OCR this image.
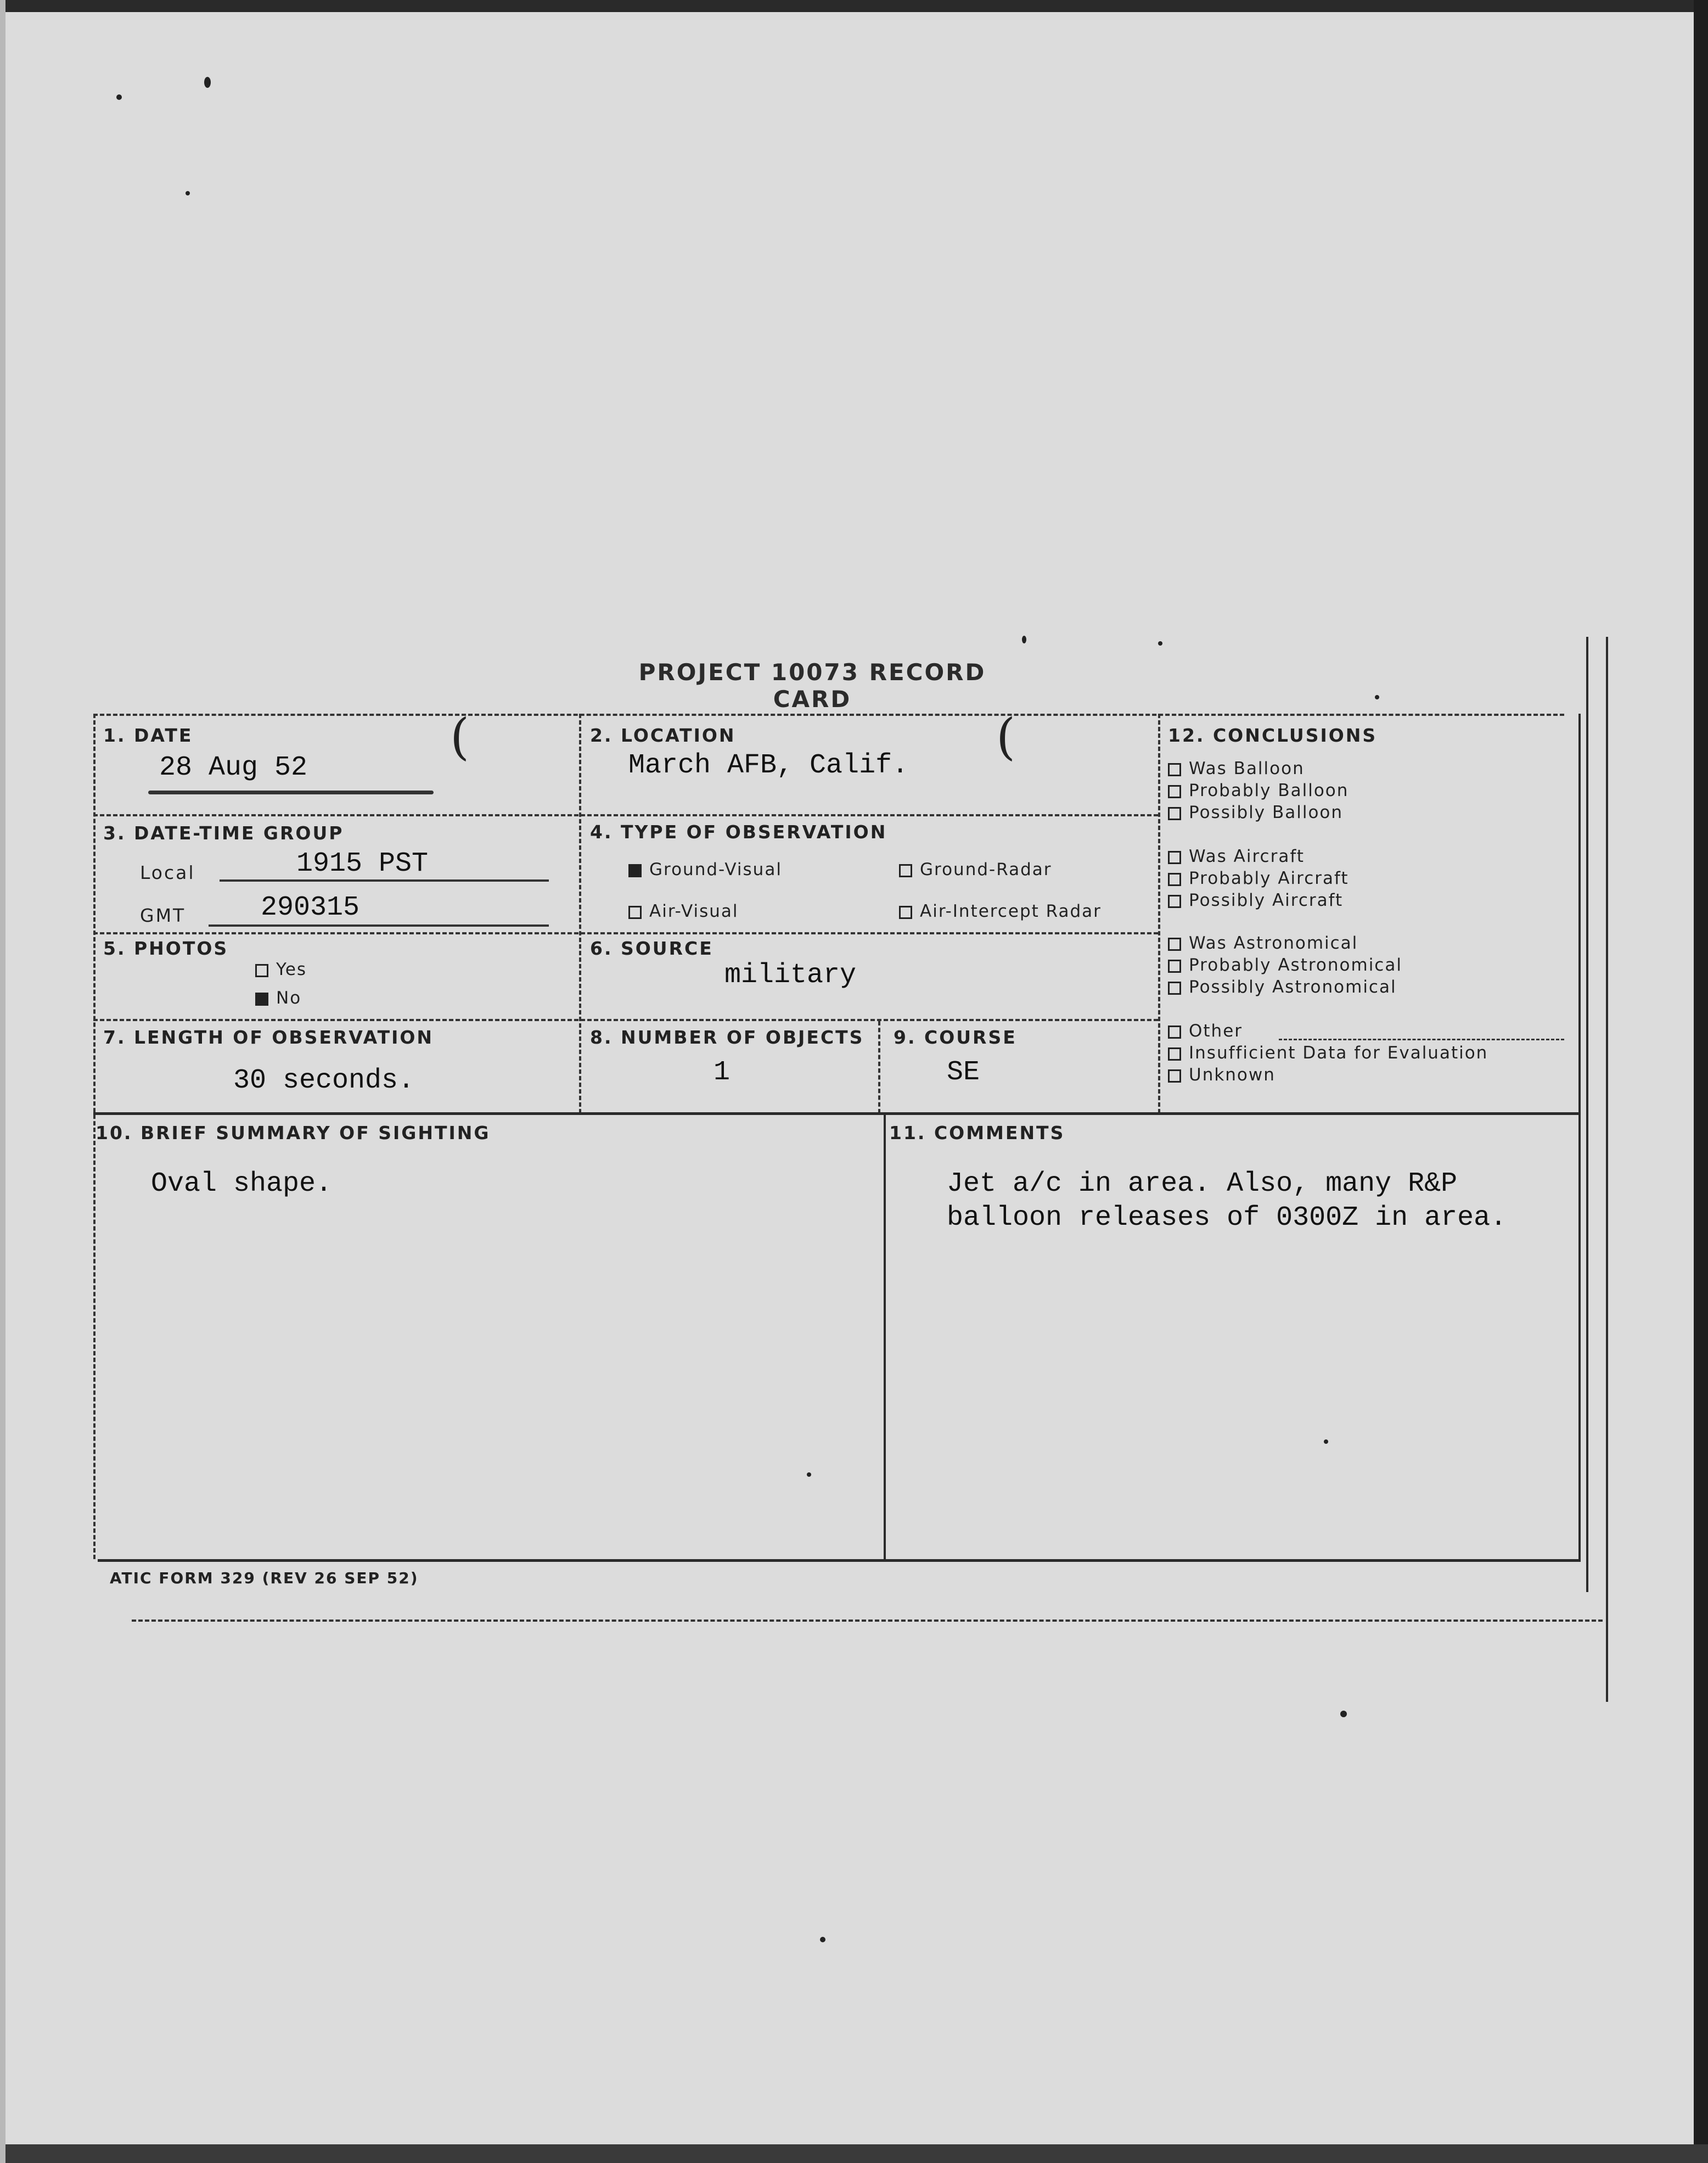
PROJECT 10073 RECORD CARD
1. DATE
28 Aug 52
(	2. LOCATION
March AFB, Calif. (
3. DATE-TIME GROUP
Local	1915 PST
GMT	290315
4. TYPE OF OBSERVATION
Ground-Visual	Ground-Radar
Air-Visual	Air-Intercept Radar
5. PHOTOS
Yes
No
6. SOURCE
military
7. LENGTH OF OBSERVATION
30 seconds.
8. NUMBER OF OBJECTS
1
9. COURSE
SE
10. BRIEF SUMMARY OF SIGHTING
Oval shape.
11. COMMENTS
Jet a/c in area. Also, many R&P
balloon releases of 0300Z in area.
12. CONCLUSIONS
Was Balloon
Probably Balloon
Possibly Balloon
Was Aircraft
Probably Aircraft
Possibly Aircraft
Was Astronomical
Probably Astronomical
Possibly Astronomical
Other
Insufficient Data for Evaluation
Unknown
ATIC FORM 329 (REV 26 SEP 52)
